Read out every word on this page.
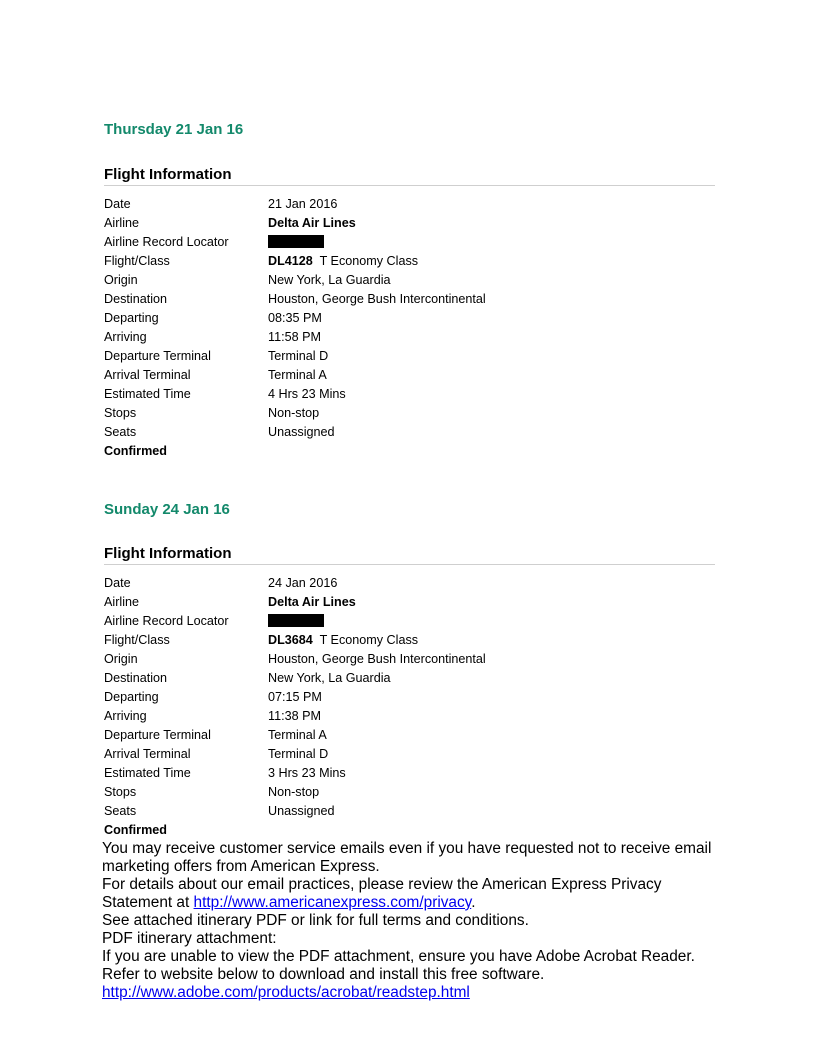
Thursday 21 Jan 16
Flight Information
Date	21 Jan 2016
Airline	Delta Air Lines
Airline Record Locator
Flight/Class	DL4128 T Economy Class
Origin	New York, La Guardia
Destination	Houston, George Bush Intercontinental
Departing	08:35 PM
Arriving	11:58 PM
Departure Terminal	Terminal D
Arrival Terminal	Terminal A
Estimated Time	4 Hrs 23 Mins
Stops	Non-stop
Seats	Unassigned
Confirmed
Sunday 24 Jan 16
Flight Information
Date	24 Jan 2016
Airline	Delta Air Lines
Airline Record Locator
Flight/Class	DL3684 T Economy Class
Origin	Houston, George Bush Intercontinental
Destination	New York, La Guardia
Departing	07:15 PM
Arriving	11:38 PM
Departure Terminal	Terminal A
Arrival Terminal	Terminal D
Estimated Time	3 Hrs 23 Mins
Stops	Non-stop
Seats	Unassigned
Confirmed

You may receive customer service emails even if you have requested not to receive email marketing offers from American Express.

For details about our email practices, please review the American Express Privacy Statement at http://www.americanexpress.com/privacy.

See attached itinerary PDF or link for full terms and conditions.

PDF itinerary attachment:

If you are unable to view the PDF attachment, ensure you have Adobe Acrobat Reader. Refer to website below to download and install this free software.

http://www.adobe.com/products/acrobat/readstep.html
